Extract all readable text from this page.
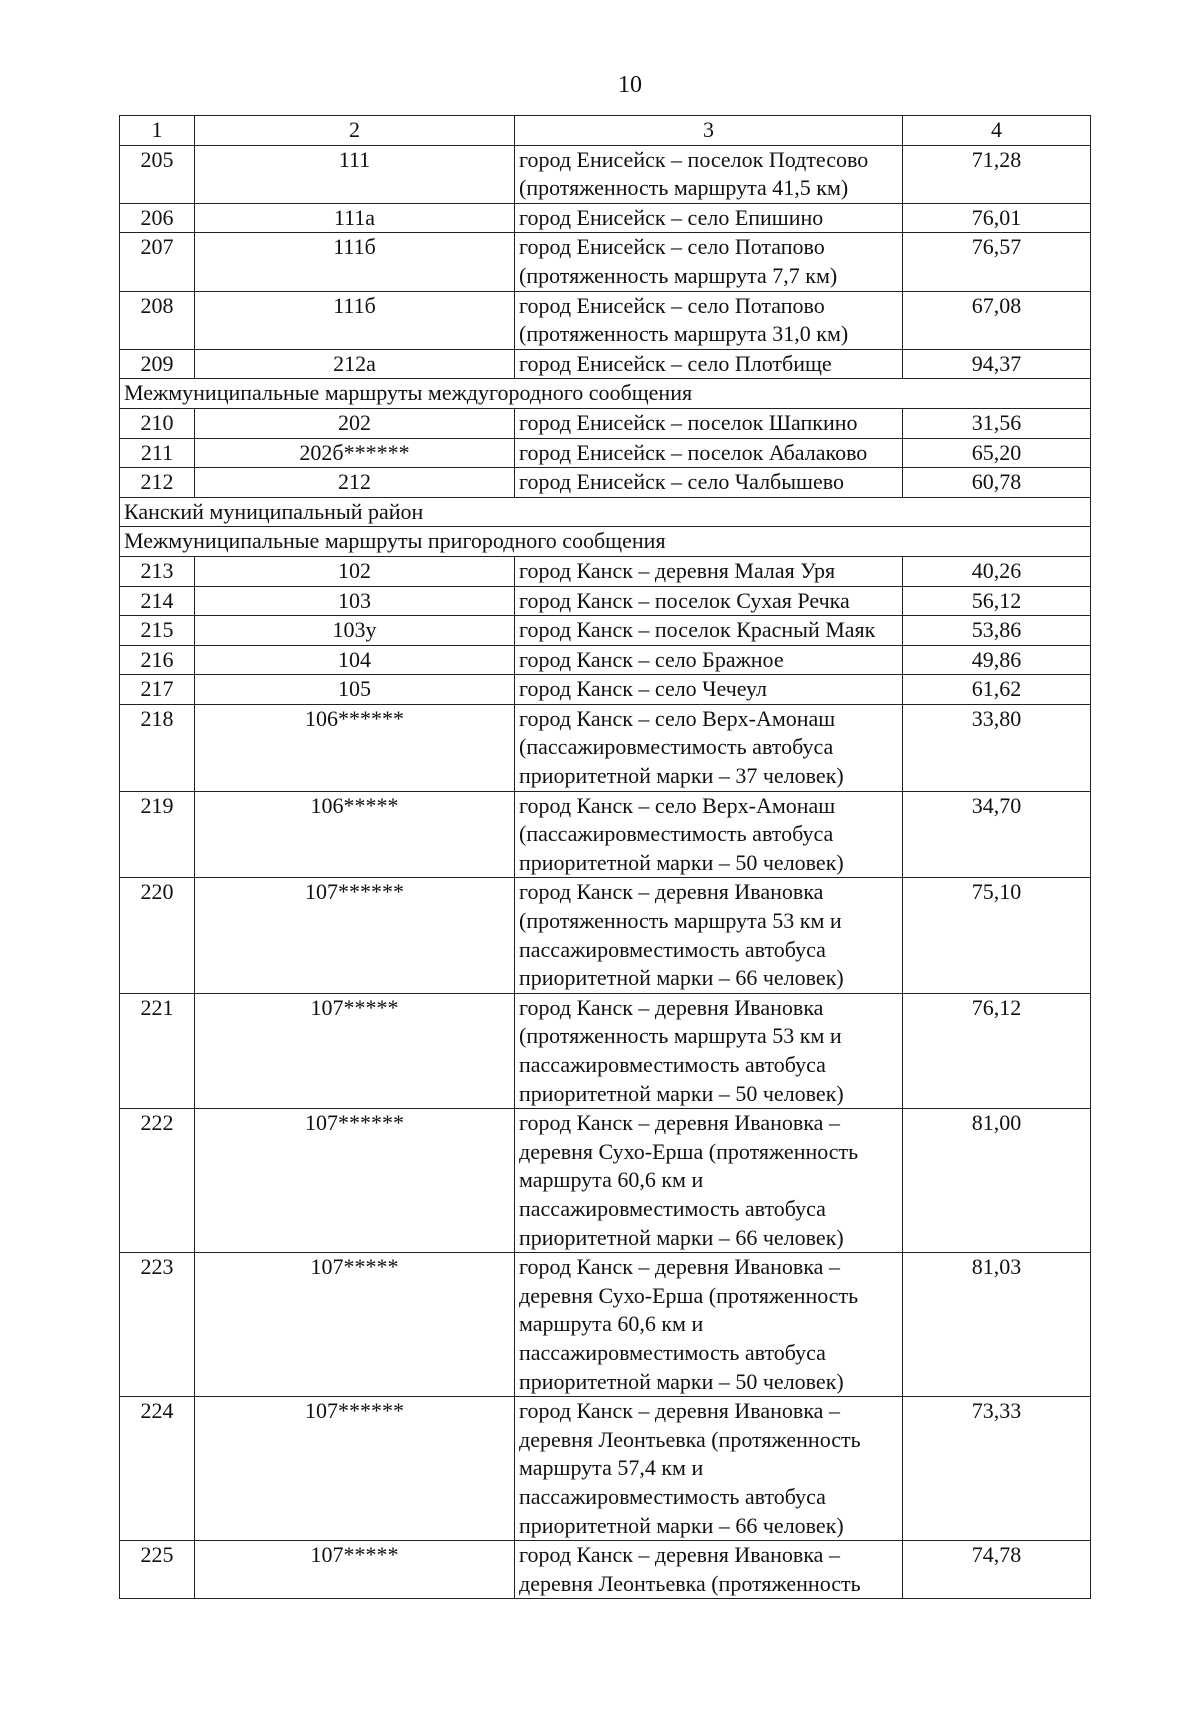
10
1	2	3	4
205	111	город Енисейск – поселок Подтесово (протяженность маршрута 41,5 км)	71,28
206	111а	город Енисейск – село Епишино	76,01
207	111б	город Енисейск – село Потапово (протяженность маршрута 7,7 км)	76,57
208	111б	город Енисейск – село Потапово (протяженность маршрута 31,0 км)	67,08
209	212а	город Енисейск – село Плотбище	94,37
Межмуниципальные маршруты междугородного сообщения			
210	202	город Енисейск – поселок Шапкино	31,56
211	202б******	город Енисейск – поселок Абалаково	65,20
212	212	город Енисейск – село Чалбышево	60,78
Канский муниципальный район			
Межмуниципальные маршруты пригородного сообщения			
213	102	город Канск – деревня Малая Уря	40,26
214	103	город Канск – поселок Сухая Речка	56,12
215	103у	город Канск – поселок Красный Маяк	53,86
216	104	город Канск – село Бражное	49,86
217	105	город Канск – село Чечеул	61,62
218	106******	город Канск – село Верх-Амонаш (пассажировместимость автобуса приоритетной марки – 37 человек)	33,80
219	106*****	город Канск – село Верх-Амонаш (пассажировместимость автобуса приоритетной марки – 50 человек)	34,70
220	107******	город Канск – деревня Ивановка (протяженность маршрута 53 км и пассажировместимость автобуса приоритетной марки – 66 человек)	75,10
221	107*****	город Канск – деревня Ивановка (протяженность маршрута 53 км и пассажировместимость автобуса приоритетной марки – 50 человек)	76,12
222	107******	город Канск – деревня Ивановка – деревня Сухо-Ерша (протяженность маршрута 60,6 км и пассажировместимость автобуса приоритетной марки – 66 человек)	81,00
223	107*****	город Канск – деревня Ивановка – деревня Сухо-Ерша (протяженность маршрута 60,6 км и пассажировместимость автобуса приоритетной марки – 50 человек)	81,03
224	107******	город Канск – деревня Ивановка – деревня Леонтьевка (протяженность маршрута 57,4 км и пассажировместимость автобуса приоритетной марки – 66 человек)	73,33
225	107*****	город Канск – деревня Ивановка – деревня Леонтьевка (протяженность	74,78
